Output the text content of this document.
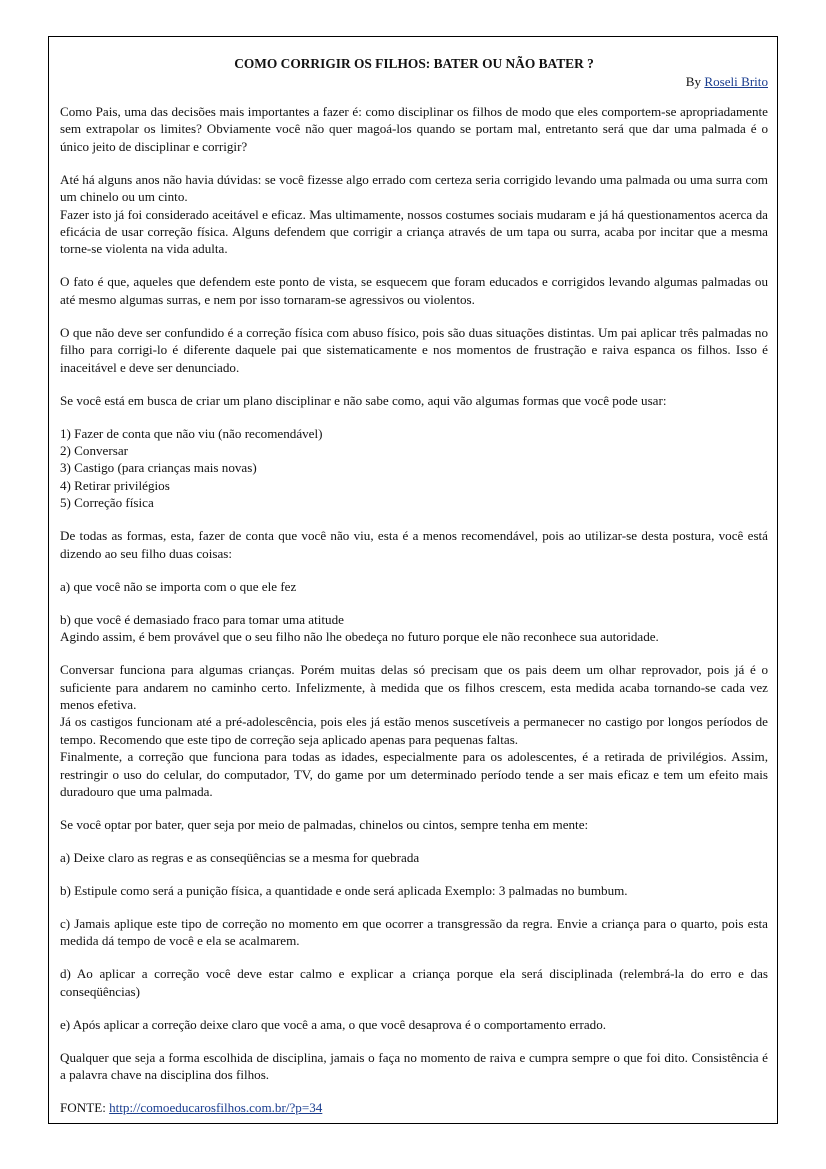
COMO CORRIGIR OS FILHOS: BATER OU NÃO BATER ?
By Roseli Brito

Como Pais, uma das decisões mais importantes a fazer é: como disciplinar os filhos de modo que eles comportem-se apropriadamente sem extrapolar os limites? Obviamente você não quer magoá-los quando se portam mal, entretanto será que dar uma palmada é o único jeito de disciplinar e corrigir?

Até há alguns anos não havia dúvidas: se você fizesse algo errado com certeza seria corrigido levando uma palmada ou uma surra com um chinelo ou um cinto.
Fazer isto já foi considerado aceitável e eficaz. Mas ultimamente, nossos costumes sociais mudaram e já há questionamentos acerca da eficácia de usar correção física. Alguns defendem que corrigir a criança através de um tapa ou surra, acaba por incitar que a mesma torne-se violenta na vida adulta.

O fato é que, aqueles que defendem este ponto de vista, se esquecem que foram educados e corrigidos levando algumas palmadas ou até mesmo algumas surras, e nem por isso tornaram-se agressivos ou violentos.

O que não deve ser confundido é a correção física com abuso físico, pois são duas situações distintas. Um pai aplicar três palmadas no filho para corrigi-lo é diferente daquele pai que sistematicamente e nos momentos de frustração e raiva espanca os filhos. Isso é inaceitável e deve ser denunciado.

Se você está em busca de criar um plano disciplinar e não sabe como, aqui vão algumas formas que você pode usar:

1) Fazer de conta que não viu (não recomendável)
2) Conversar
3) Castigo (para crianças mais novas)
4) Retirar privilégios
5) Correção física

De todas as formas, esta, fazer de conta que você não viu, esta é a menos recomendável, pois ao utilizar-se desta postura, você está dizendo ao seu filho duas coisas:

a) que você não se importa com o que ele fez

b) que você é demasiado fraco para tomar uma atitude
Agindo assim, é bem provável que o seu filho não lhe obedeça no futuro porque ele não reconhece sua autoridade.

Conversar funciona para algumas crianças. Porém muitas delas só precisam que os pais deem um olhar reprovador, pois já é o suficiente para andarem no caminho certo. Infelizmente, à medida que os filhos crescem, esta medida acaba tornando-se cada vez menos efetiva.
Já os castigos funcionam até a pré-adolescência, pois eles já estão menos suscetíveis a permanecer no castigo por longos períodos de tempo. Recomendo que este tipo de correção seja aplicado apenas para pequenas faltas.
Finalmente, a correção que funciona para todas as idades, especialmente para os adolescentes, é a retirada de privilégios. Assim, restringir o uso do celular, do computador, TV, do game por um determinado período tende a ser mais eficaz e tem um efeito mais duradouro que uma palmada.

Se você optar por bater, quer seja por meio de palmadas, chinelos ou cintos, sempre tenha em mente:

a) Deixe claro as regras e as conseqüências se a mesma for quebrada

b) Estipule como será a punição física, a quantidade e onde será aplicada Exemplo: 3 palmadas no bumbum.

c) Jamais aplique este tipo de correção no momento em que ocorrer a transgressão da regra. Envie a criança para o quarto, pois esta medida dá tempo de você e ela se acalmarem.

d) Ao aplicar a correção você deve estar calmo e explicar a criança porque ela será disciplinada (relembrá-la do erro e das conseqüências)

e) Após aplicar a correção deixe claro que você a ama, o que você desaprova é o comportamento errado.

Qualquer que seja a forma escolhida de disciplina, jamais o faça no momento de raiva e cumpra sempre o que foi dito. Consistência é a palavra chave na disciplina dos filhos.

FONTE: http://comoeducarosfilhos.com.br/?p=34
